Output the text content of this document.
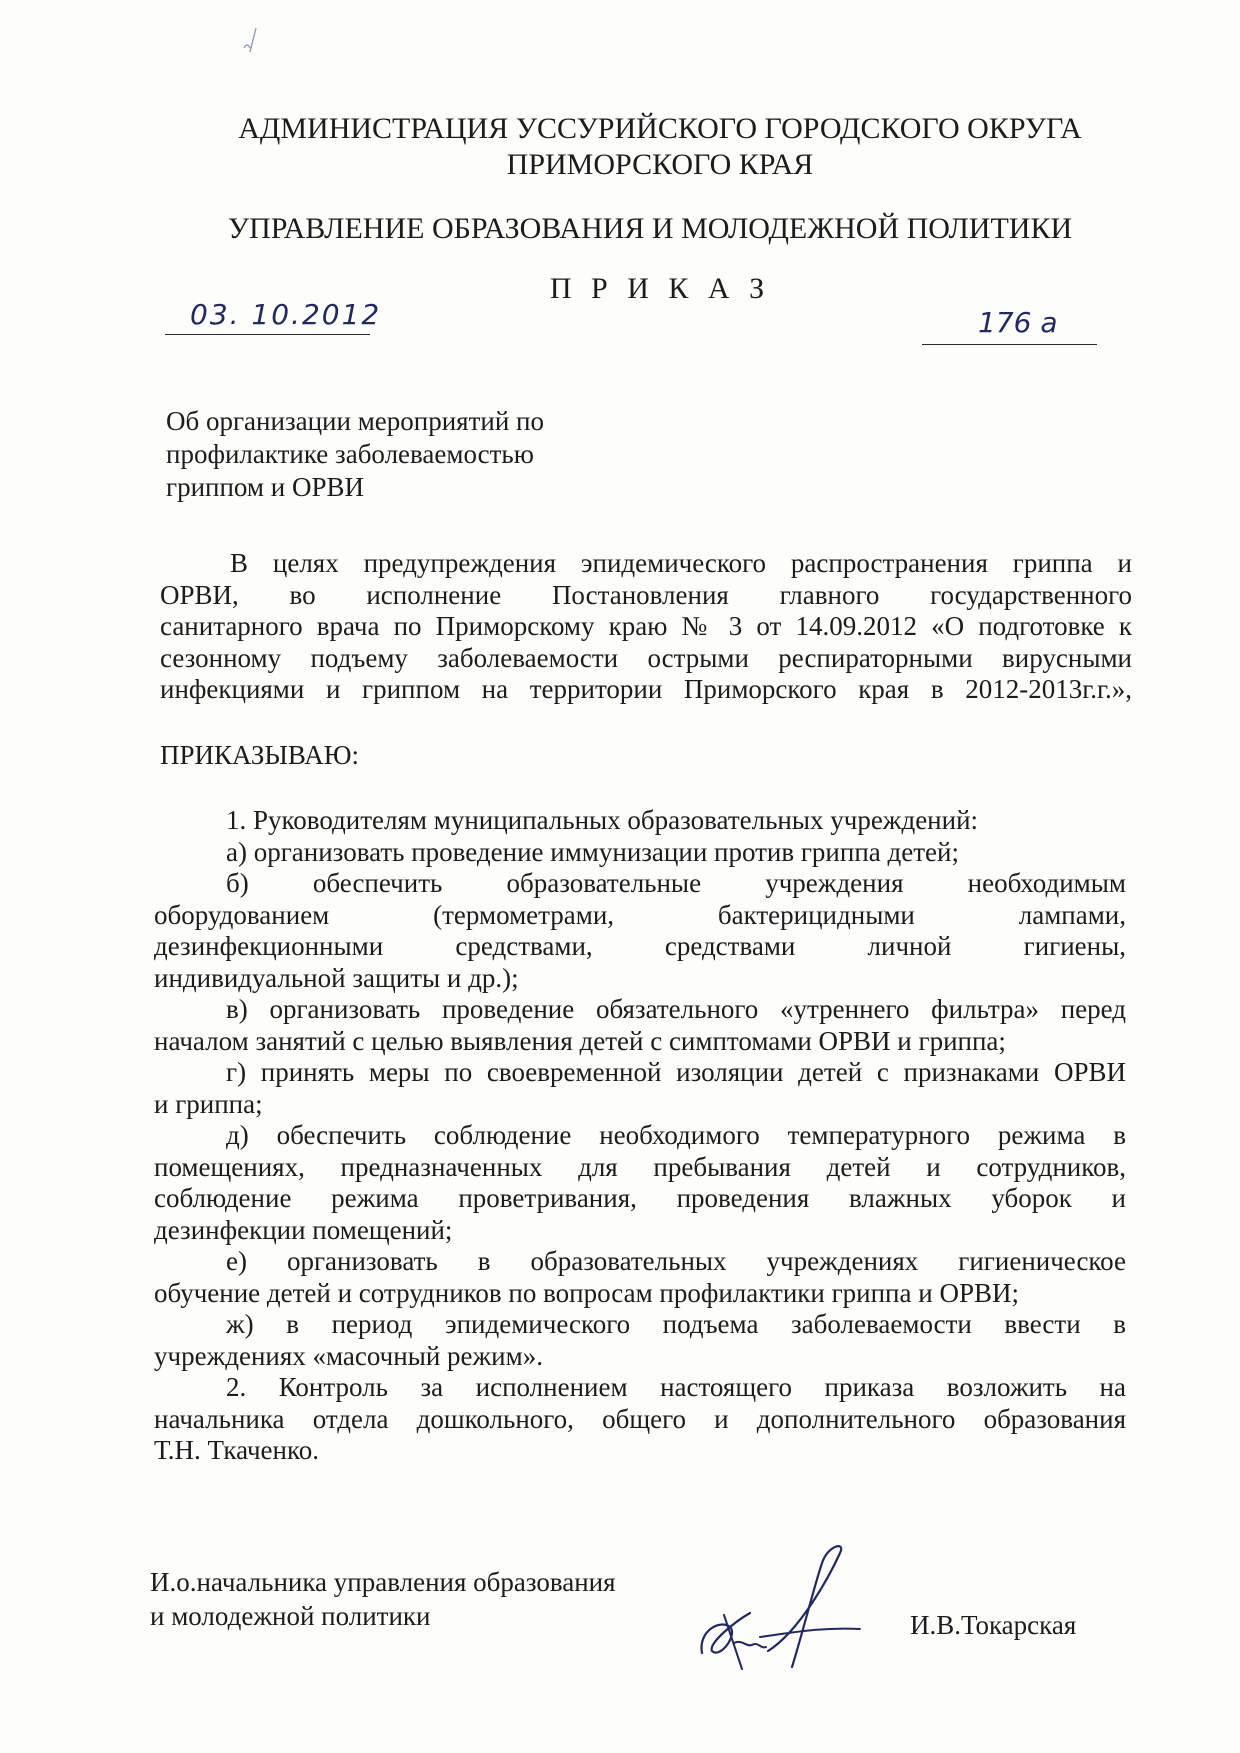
АДМИНИСТРАЦИЯ УССУРИЙСКОГО ГОРОДСКОГО ОКРУГА
ПРИМОРСКОГО КРАЯ
УПРАВЛЕНИЕ ОБРАЗОВАНИЯ И МОЛОДЕЖНОЙ ПОЛИТИКИ
П Р И К А З
03. 10.2012	176 а
Об организации мероприятий по
профилактике заболеваемостью
гриппом и ОРВИ
В целях предупреждения эпидемического распространения гриппа и
ОРВИ, во исполнение Постановления главного государственного
санитарного врача по Приморскому краю № 3 от 14.09.2012 «О подготовке к
сезонному подъему заболеваемости острыми респираторными вирусными
инфекциями и гриппом на территории Приморского края в 2012-2013г.г.»,
ПРИКАЗЫВАЮ:
1. Руководителям муниципальных образовательных учреждений:
а) организовать проведение иммунизации против гриппа детей;
б) обеспечить образовательные учреждения необходимым
оборудованием (термометрами, бактерицидными лампами,
дезинфекционными средствами, средствами личной гигиены,
индивидуальной защиты и др.);
в) организовать проведение обязательного «утреннего фильтра» перед
началом занятий с целью выявления детей с симптомами ОРВИ и гриппа;
г) принять меры по своевременной изоляции детей с признаками ОРВИ
и гриппа;
д) обеспечить соблюдение необходимого температурного режима в
помещениях, предназначенных для пребывания детей и сотрудников,
соблюдение режима проветривания, проведения влажных уборок и
дезинфекции помещений;
е) организовать в образовательных учреждениях гигиеническое
обучение детей и сотрудников по вопросам профилактики гриппа и ОРВИ;
ж) в период эпидемического подъема заболеваемости ввести в
учреждениях «масочный режим».
2. Контроль за исполнением настоящего приказа возложить на
начальника отдела дошкольного, общего и дополнительного образования
Т.Н. Ткаченко.
И.о.начальника управления образования
и молодежной политики	И.В.Токарская
